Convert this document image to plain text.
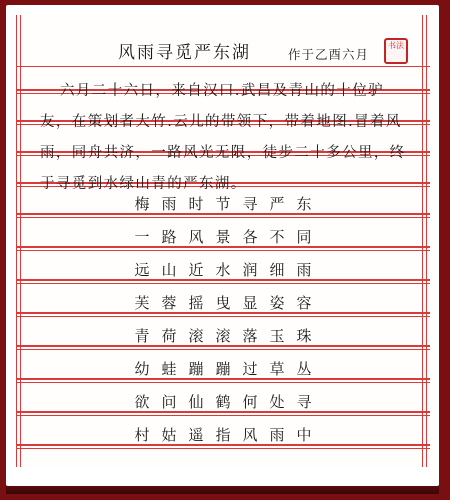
风雨寻觅严东湖	作于乙酉六月
书法
六月二十六日，来自汉口.武昌及青山的十位驴
友，在策划者大竹.云儿的带领下，带着地图.冒着风
雨，同舟共济，一路风光无限，徒步二十多公里，终
于寻觅到水绿山青的严东湖。
梅雨时节寻严东
一路风景各不同
远山近水润细雨
芙蓉摇曳显姿容
青荷滚滚落玉珠
幼蛙蹦蹦过草丛
欲问仙鹤何处寻
村姑遥指风雨中
